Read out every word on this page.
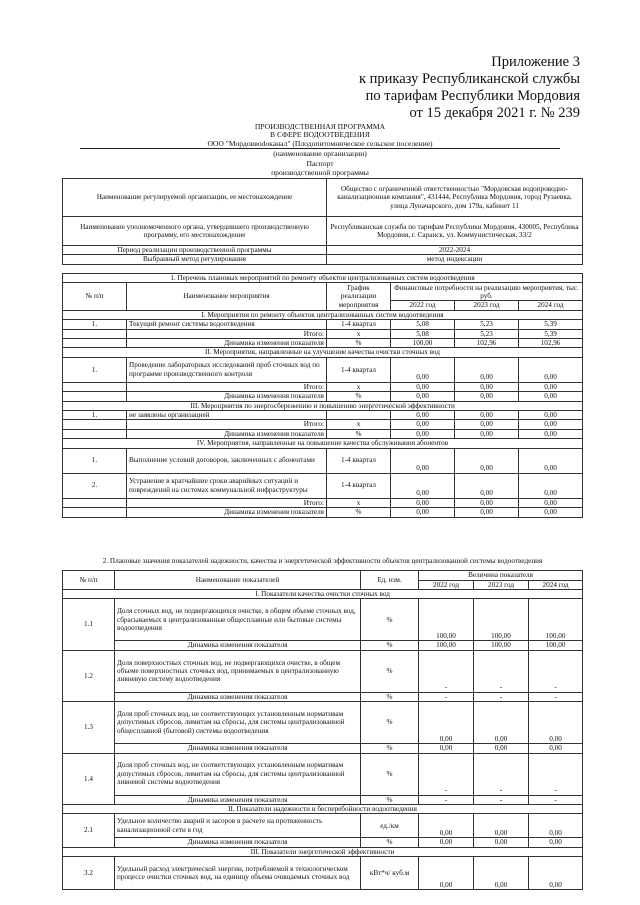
Приложение 3
к приказу Республиканской службы
по тарифам Республики Мордовия
от 15 декабря 2021 г. № 239
ПРОИЗВОДСТВЕННАЯ ПРОГРАММА
В СФЕРЕ ВОДООТВЕДЕНИЯ
ООО "Мордоввоdоканал" (Плодопитомническое сельское поселение)
(наименование организации)
Паспорт
производственной программы
Наименование регулируемой организации, ее местонахождение	Общество с ограниченной ответственностью "Мордовская водопроводно-канализационная компания", 431444, Республика Мордовия, город Рузаевка, улица Луначарского, дом 179а, кабинет 11
Наименование уполномоченного органа, утвердившего производственную программу, его местонахождение	Республиканская служба по тарифам Республики Мордовия, 430005, Республика Мордовия, г. Саранск, ул. Коммунистическая, 33/2
Период реализации производственной программы	2022-2024
Выбранный метод регулирования	метод индексации
1. Перечень плановых мероприятий по ремонту объектов централизованных систем водоотведения					
№ п/п	Наименование мероприятия	График реализации мероприятия	Финансовые потребности на реализацию мероприятия, тыс. руб.		
			2022 год	2023 год	2024 год
I. Мероприятия по ремонту объектов централизованных систем водоотведения					
1.	Текущий ремонт системы водоотведения	1-4 квартал	5,08	5,23	5,39
	Итого:	х	5,08	5,23	5,39
	Динамика изменения показателя	%	100,00	102,96	102,96
II. Мероприятия, направленные на улучшение качества очистки сточных вод					
1.	Проведение лабораторных исследований проб сточных вод по программе производственного контроля	1-4 квартал	0,00	0,00	0,00
	Итого:	х	0,00	0,00	0,00
	Динамика изменения показателя	%	0,00	0,00	0,00
III. Мероприятия по энергосбережению и повышению энергетической эффективности					
1.	не заявлены организацией		0,00	0,00	0,00
	Итого:	х	0,00	0,00	0,00
	Динамика изменения показателя	%	0,00	0,00	0,00
IV. Мероприятия, направленные на повышение качества обслуживания абонентов					
1.	Выполнение условий договоров, заключенных с абонентами	1-4 квартал	0,00	0,00	0,00
2.	Устранение в кратчайшие сроки аварийных ситуаций и повреждений на системах коммунальной инфраструктуры	1-4 квартал	0,00	0,00	0,00
	Итого:	х	0,00	0,00	0,00
	Динамика изменения показателя	%	0,00	0,00	0,00
2. Плановые значения показателей надежности, качества и энергетической эффективности объектов централизованной системы водоотведения					
№ п/п	Наименование показателей	Ед. изм.	Величина показателя		
			2022 год	2023 год	2024 год
I. Показатели качества очистки сточных вод					
1.1	Доля сточных вод, не подвергающихся очистке, в общем объеме сточных вод, сбрасываемых в централизованные общесплавные или бытовые системы водоотведения	%	100,00	100,00	100,00
	Динамика изменения показателя	%	100,00	100,00	100,00
1.2	Доля поверхностных сточных вод, не подвергающихся очистке, в общем объеме поверхностных сточных вод, принимаемых в централизованную ливневую систему водоотведения	%	-	-	-
	Динамика изменения показателя	%	-	-	-
1.3	Доля проб сточных вод, не соответствующих установленным нормативам допустимых сбросов, лимитам на сбросы, для системы централизованной общесплавной (бытовой) системы водоотведения	%	0,00	0,00	0,00
	Динамика изменения показателя	%	0,00	0,00	0,00
1.4	Доля проб сточных вод, не соответствующих установленным нормативам допустимых сбросов, лимитам на сбросы, для системы централизованной ливневой системы водоотведения	%	-	-	-
	Динамика изменения показателя	%	-	-	-
II. Показатели надежности и бесперебойности водоотведения					
2.1	Удельное количество аварий и засоров в расчете на протяженность канализационной сети в год	ед./км	0,00	0,00	0,00
	Динамика изменения показателя	%	0,00	0,00	0,00
III. Показатели энергетической эффективности					
3.2	Удельный расход электрической энергии, потребляемой в технологическом процессе очистки сточных вод, на единицу объема очищаемых сточных вод	кВт*ч/ куб.м	0,00	0,00	0,00
